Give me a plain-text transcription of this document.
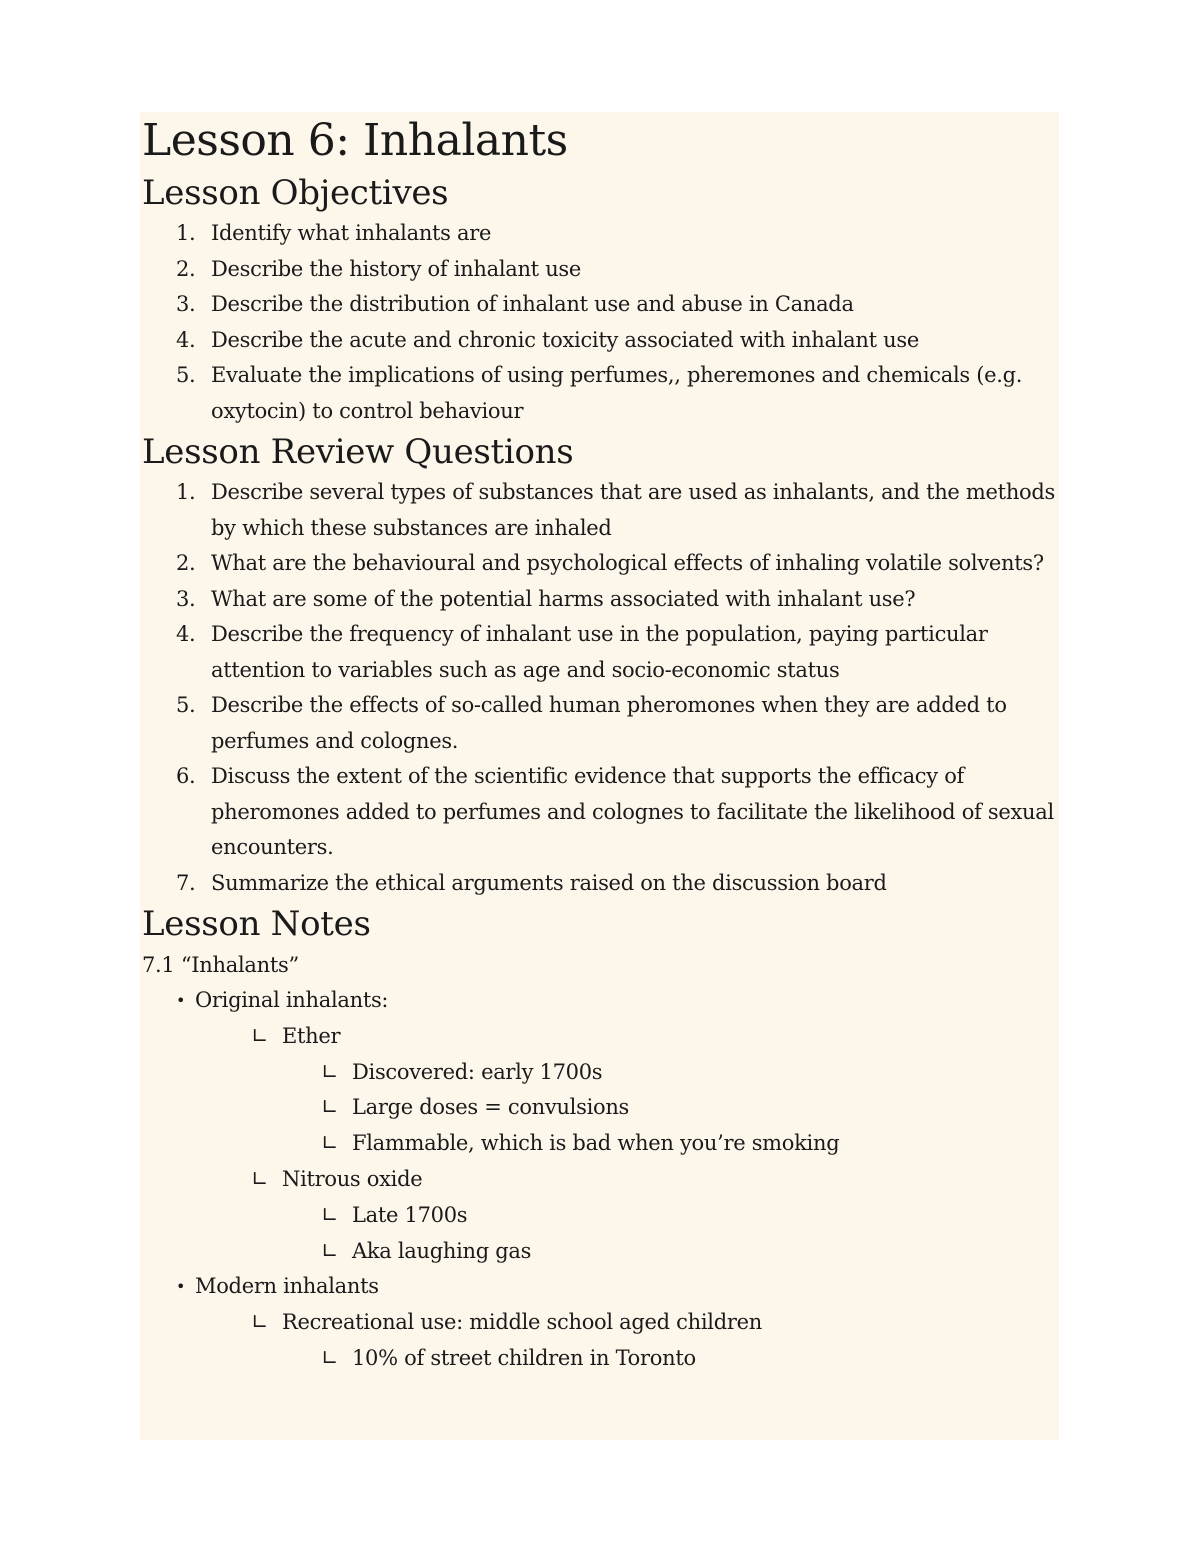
Lesson 6: Inhalants
Lesson Objectives
1. Identify what inhalants are
2. Describe the history of inhalant use
3. Describe the distribution of inhalant use and abuse in Canada
4. Describe the acute and chronic toxicity associated with inhalant use
5. Evaluate the implications of using perfumes,, pheremones and chemicals (e.g. oxytocin) to control behaviour
Lesson Review Questions
1. Describe several types of substances that are used as inhalants, and the methods by which these substances are inhaled
2. What are the behavioural and psychological effects of inhaling volatile solvents?
3. What are some of the potential harms associated with inhalant use?
4. Describe the frequency of inhalant use in the population, paying particular attention to variables such as age and socio-economic status
5. Describe the effects of so-called human pheromones when they are added to perfumes and colognes.
6. Discuss the extent of the scientific evidence that supports the efficacy of pheromones added to perfumes and colognes to facilitate the likelihood of sexual encounters.
7. Summarize the ethical arguments raised on the discussion board
Lesson Notes

7.1 “Inhalants”

• Original inhalants:
∟ Ether
∟ Discovered: early 1700s
∟ Large doses = convulsions
∟ Flammable, which is bad when you’re smoking
∟ Nitrous oxide
∟ Late 1700s
∟ Aka laughing gas
• Modern inhalants
∟ Recreational use: middle school aged children
∟ 10% of street children in Toronto
